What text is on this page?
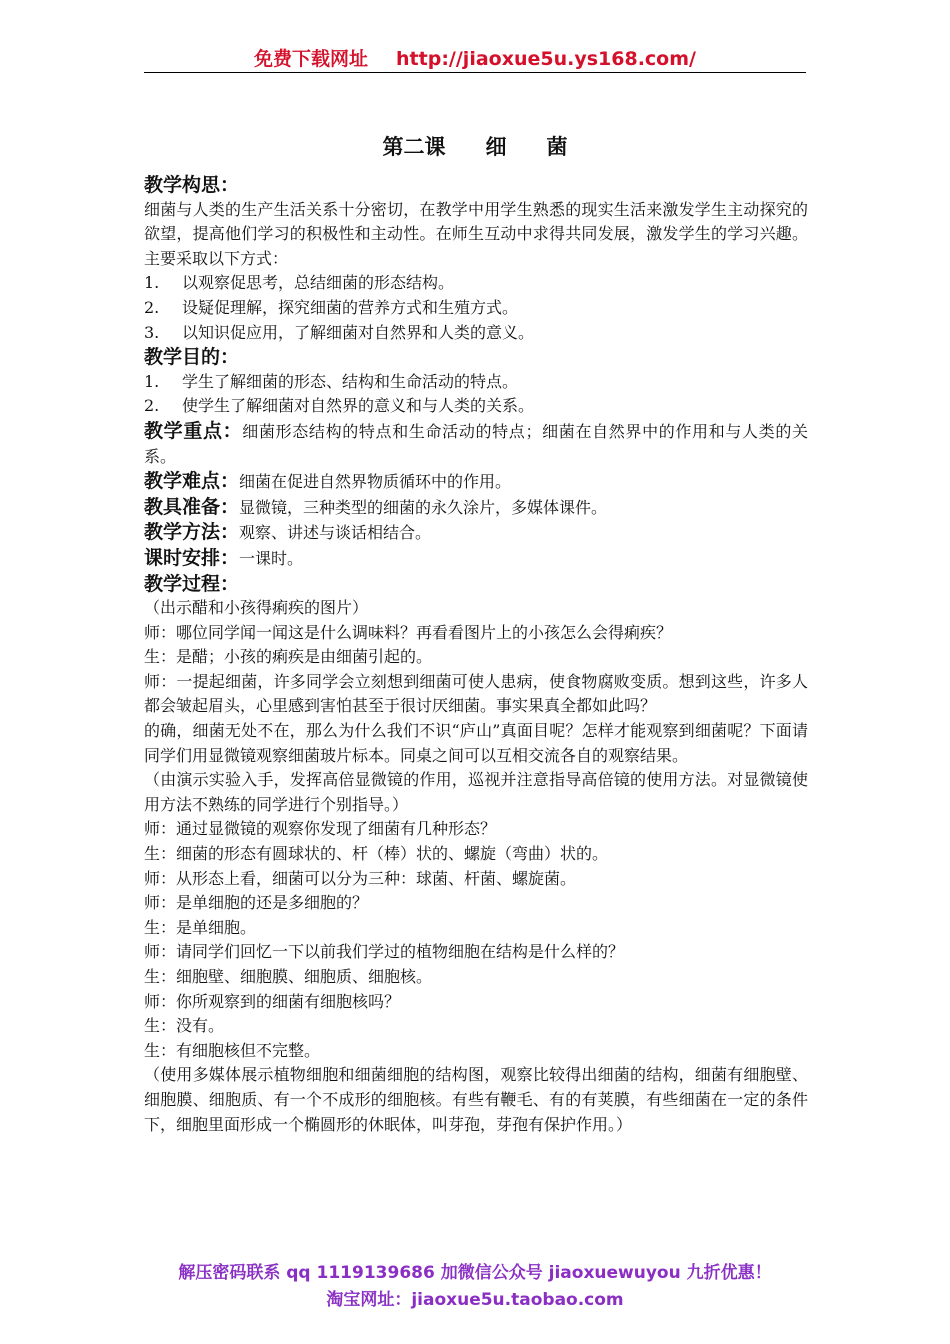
免费下载网址 http://jiaoxue5u.ys168.com/
第二课 细 菌

教学构思：

细菌与人类的生产生活关系十分密切，在教学中用学生熟悉的现实生活来激发学生主动探究的欲望，提高他们学习的积极性和主动性。在师生互动中求得共同发展，激发学生的学习兴趣。主要采取以下方式：

1. 以观察促思考，总结细菌的形态结构。

2. 设疑促理解，探究细菌的营养方式和生殖方式。

3. 以知识促应用，了解细菌对自然界和人类的意义。

教学目的：

1. 学生了解细菌的形态、结构和生命活动的特点。

2. 使学生了解细菌对自然界的意义和与人类的关系。

教学重点：细菌形态结构的特点和生命活动的特点；细菌在自然界中的作用和与人类的关系。

教学难点：细菌在促进自然界物质循环中的作用。

教具准备：显微镜，三种类型的细菌的永久涂片，多媒体课件。

教学方法：观察、讲述与谈话相结合。

课时安排：一课时。

教学过程：

（出示醋和小孩得痢疾的图片）

师：哪位同学闻一闻这是什么调味料？再看看图片上的小孩怎么会得痢疾？

生：是醋；小孩的痢疾是由细菌引起的。

师：一提起细菌，许多同学会立刻想到细菌可使人患病，使食物腐败变质。想到这些，许多人都会皱起眉头，心里感到害怕甚至于很讨厌细菌。事实果真全都如此吗？

的确，细菌无处不在，那么为什么我们不识“庐山”真面目呢？怎样才能观察到细菌呢？下面请同学们用显微镜观察细菌玻片标本。同桌之间可以互相交流各自的观察结果。

（由演示实验入手，发挥高倍显微镜的作用，巡视并注意指导高倍镜的使用方法。对显微镜使用方法不熟练的同学进行个别指导。）

师：通过显微镜的观察你发现了细菌有几种形态？

生：细菌的形态有圆球状的、杆（棒）状的、螺旋（弯曲）状的。

师：从形态上看，细菌可以分为三种：球菌、杆菌、螺旋菌。

师：是单细胞的还是多细胞的？

生：是单细胞。

师：请同学们回忆一下以前我们学过的植物细胞在结构是什么样的？

生：细胞壁、细胞膜、细胞质、细胞核。

师：你所观察到的细菌有细胞核吗？

生：没有。

生：有细胞核但不完整。

（使用多媒体展示植物细胞和细菌细胞的结构图，观察比较得出细菌的结构，细菌有细胞壁、细胞膜、细胞质、有一个不成形的细胞核。有些有鞭毛、有的有荚膜，有些细菌在一定的条件下，细胞里面形成一个椭圆形的休眠体，叫芽孢，芽孢有保护作用。）

解压密码联系 qq 1119139686 加微信公众号 jiaoxuewuyou 九折优惠！
淘宝网址：jiaoxue5u.taobao.com
